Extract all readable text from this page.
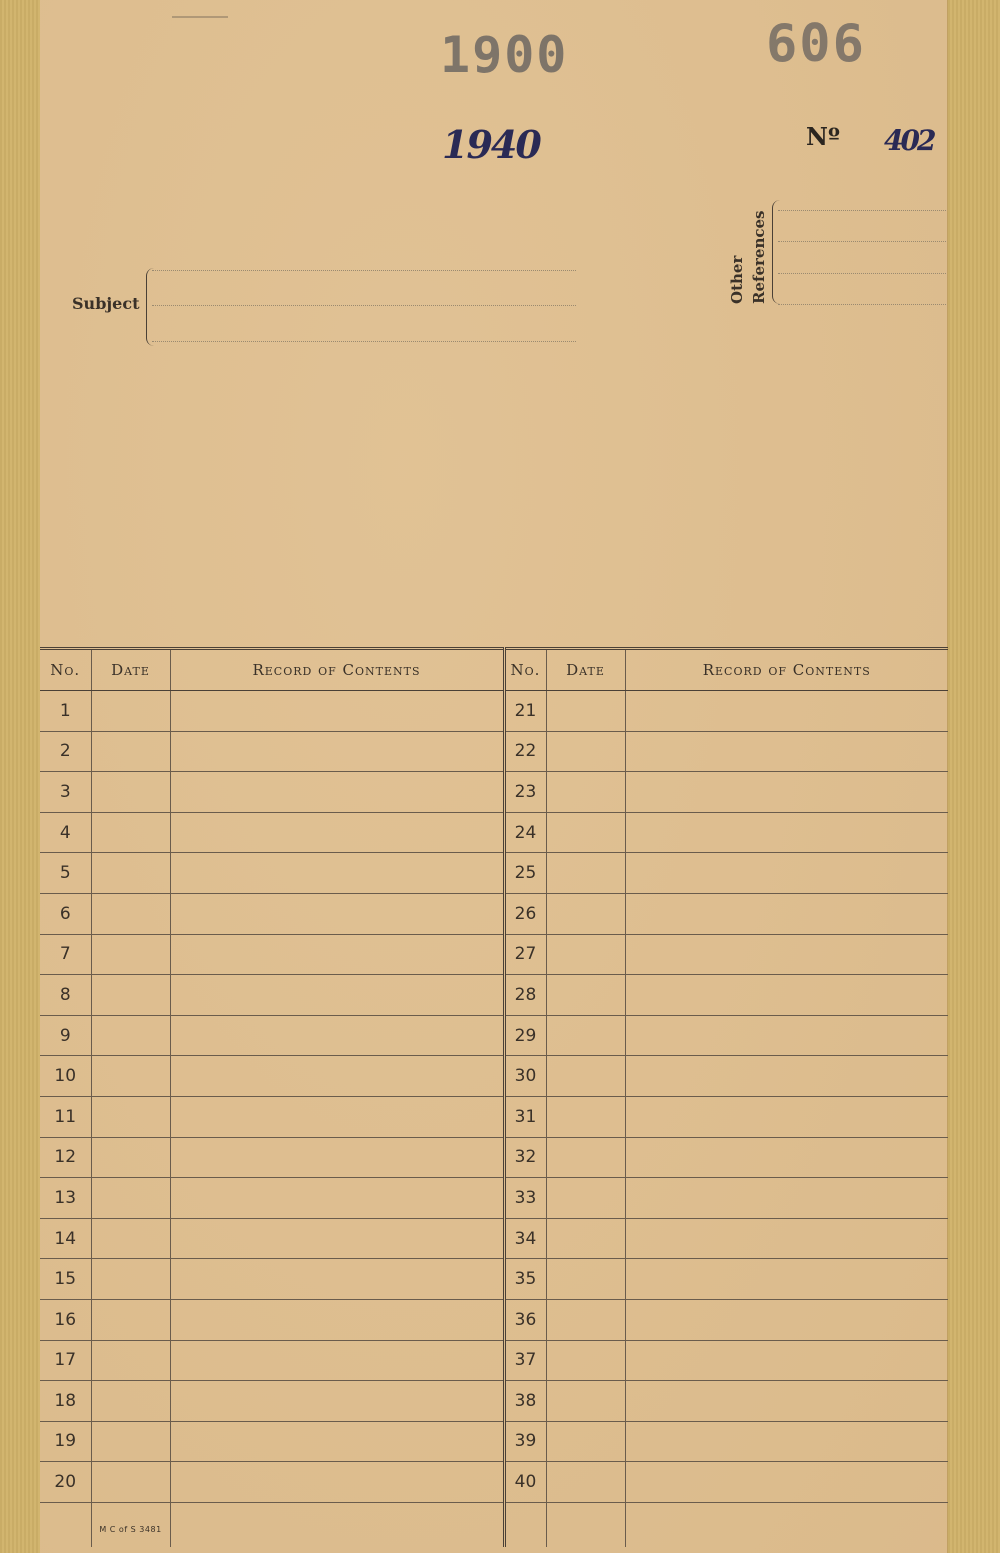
1900	606
1940	Nº 402
Subject	Other References
No.	Date	Record of Contents	No.	Date	Record of Contents
1			21		
2			22		
3			23		
4			24		
5			25		
6			26		
7			27		
8			28		
9			29		
10			30		
11			31		
12			32		
13			33		
14			34		
15			35		
16			36		
17			37		
18			38		
19			39		
20			40		

	M C of S 3481				
